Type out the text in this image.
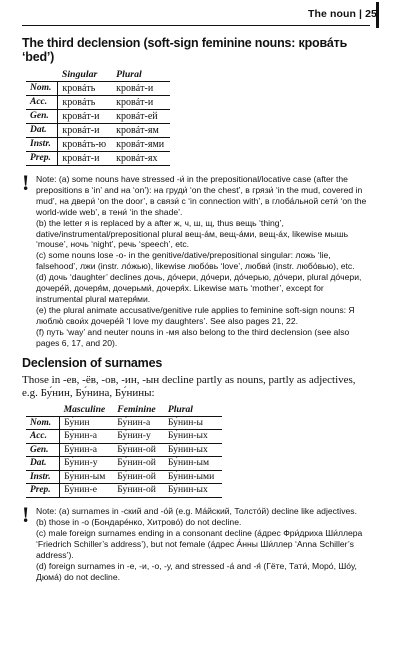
The noun | 25
The third declension (soft-sign feminine nouns: кровáть ‘bed’)
	Singular	Plural
Nom.	кровáть	кровáт-и
Acc.	кровáть	кровáт-и
Gen.	кровáт-и	кровáт-ей
Dat.	кровáт-и	кровáт-ям
Instr.	кровáть-ю	кровáт-ями
Prep.	кровáт-и	кровáт-ях
! Note: (a) some nouns have stressed -и́ in the prepositional/locative case (after the prepositions в ‘in’ and на ‘on’): на груди́ ‘on the chest’, в грязи́ ‘in the mud, covered in mud’, на двери́ ‘on the door’, в связи́ с ‘in connection with’, в глоба́льной сети́ ‘on the world-wide web’, в тени́ ‘in the shade’.

(b) the letter я is replaced by а after ж, ч, ш, щ, thus вещь ‘thing’, dative/instrumental/prepositional plural вещ-а́м, вещ-а́ми, вещ-а́х, likewise мышь ‘mouse’, ночь ‘night’, речь ‘speech’, etc.

(c) some nouns lose -о- in the genitive/dative/prepositional singular: ложь ‘lie, falsehood’, лжи (instr. ло́жью), likewise любо́вь ‘love’, любви́ (instr. любо́вью), etc.

(d) дочь ‘daughter’ declines дочь, до́чери, до́чери, до́черью, до́чери, plural до́чери, дочере́й, дочеря́м, дочерьми́, дочеря́х. Likewise мать ‘mother’, except for instrumental plural матеря́ми.

(e) the plural animate accusative/genitive rule applies to feminine soft-sign nouns: Я люблю́ свои́х дочере́й ‘I love my daughters’. See also pages 21, 22.

(f) путь ‘way’ and neuter nouns in -мя also belong to the third declension (see also pages 6, 17, and 20).

Declension of surnames
Those in -ев, -ёв, -ов, -ин, -ын decline partly as nouns, partly as adjectives, e.g. Бу́нин, Бу́нина, Бу́нины:
	Masculine	Feminine	Plural
Nom.	Бу́нин	Бу́нин-а	Бу́нин-ы
Acc.	Бу́нин-а	Бу́нин-у	Бу́нин-ых
Gen.	Бу́нин-а	Бу́нин-ой	Бу́нин-ых
Dat.	Бу́нин-у	Бу́нин-ой	Бу́нин-ым
Instr.	Бу́нин-ым	Бу́нин-ой	Бу́нин-ыми
Prep.	Бу́нин-е	Бу́нин-ой	Бу́нин-ых
! Note: (a) surnames in -ский and -о́й (e.g. Ма́йский, Толсто́й) decline like adjectives.

(b) those in -о (Бондаре́нко, Хитрово́) do not decline.

(c) male foreign surnames ending in a consonant decline (а́дрес Фри́дриха Ши́ллера ‘Friedrich Schiller’s address’), but not female (а́дрес А́нны Ши́ллер ‘Anna Schiller’s address’).

(d) foreign surnames in -е, -и, -о, -у, and stressed -а́ and -я́ (Гёте, Тати́, Моро́, Шо́у, Дюма́) do not decline.
